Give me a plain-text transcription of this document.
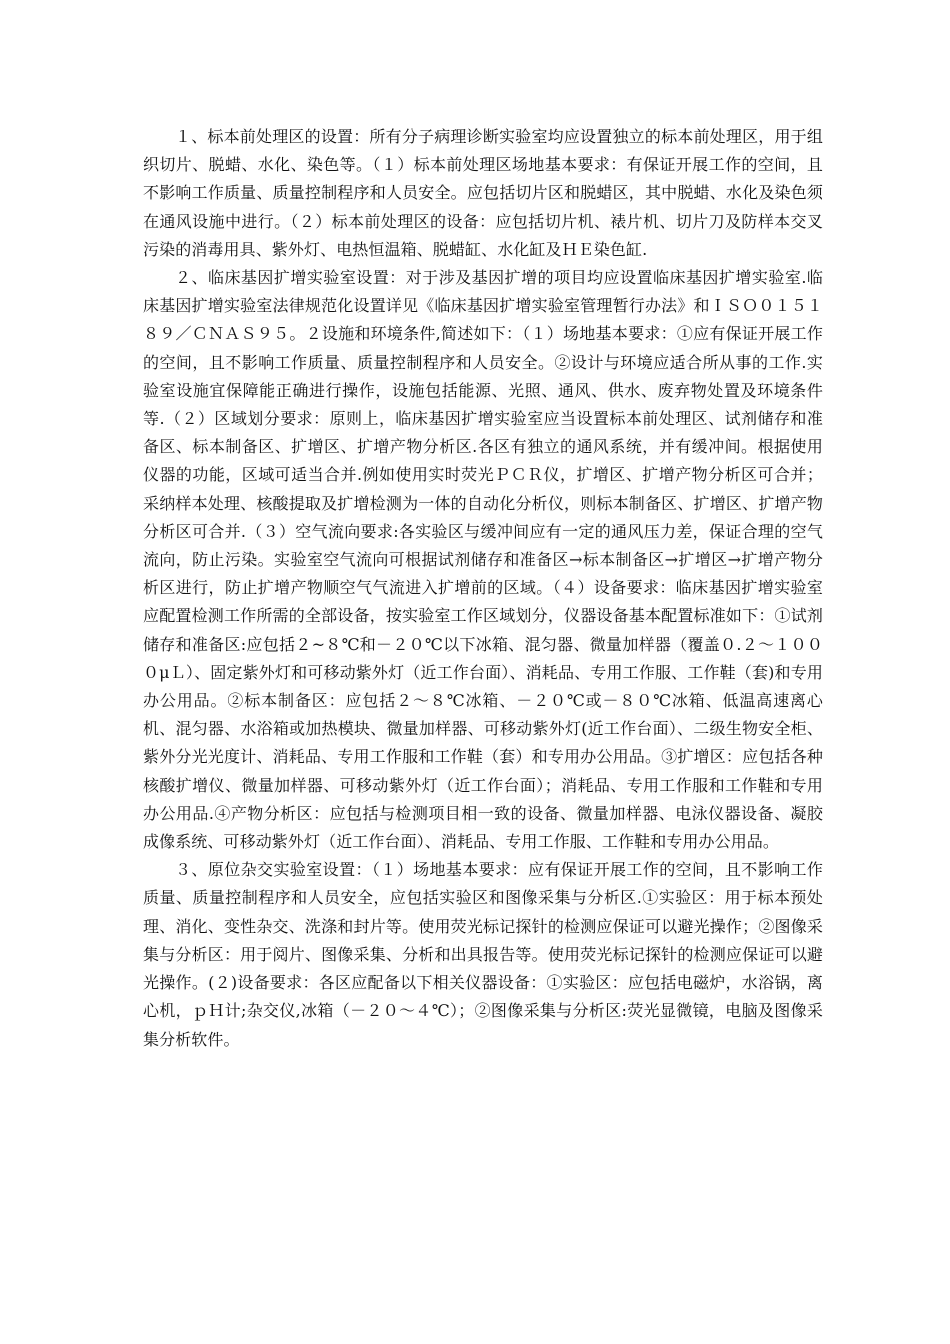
１、标本前处理区的设置：所有分子病理诊断实验室均应设置独立的标本前处理区，用于组织切片、脱蜡、水化、染色等。（１）标本前处理区场地基本要求：有保证开展工作的空间，且不影响工作质量、质量控制程序和人员安全。应包括切片区和脱蜡区，其中脱蜡、水化及染色须在通风设施中进行。（２）标本前处理区的设备：应包括切片机、裱片机、切片刀及防样本交叉污染的消毒用具、紫外灯、电热恒温箱、脱蜡缸、水化缸及ＨＥ染色缸.

２、临床基因扩增实验室设置：对于涉及基因扩增的项目均应设置临床基因扩增实验室.临床基因扩增实验室法律规范化设置详见《临床基因扩增实验室管理暂行办法》和ＩＳＯ０１５１８９／ＣＮＡＳ９５。２设施和环境条件,简述如下：（１）场地基本要求：①应有保证开展工作的空间，且不影响工作质量、质量控制程序和人员安全。②设计与环境应适合所从事的工作.实验室设施宜保障能正确进行操作，设施包括能源、光照、通风、供水、废弃物处置及环境条件等.（２）区域划分要求：原则上，临床基因扩增实验室应当设置标本前处理区、试剂储存和准备区、标本制备区、扩增区、扩增产物分析区.各区有独立的通风系统，并有缓冲间。根据使用仪器的功能，区域可适当合并.例如使用实时荧光ＰＣＲ仪，扩增区、扩增产物分析区可合并；采纳样本处理、核酸提取及扩增检测为一体的自动化分析仪，则标本制备区、扩增区、扩增产物分析区可合并.（３）空气流向要求:各实验区与缓冲间应有一定的通风压力差，保证合理的空气流向，防止污染。实验室空气流向可根据试剂储存和准备区→标本制备区→扩增区→扩增产物分析区进行，防止扩增产物顺空气气流进入扩增前的区域。（４）设备要求：临床基因扩增实验室应配置检测工作所需的全部设备，按实验室工作区域划分，仪器设备基本配置标准如下：①试剂储存和准备区:应包括２~８℃和－２０℃以下冰箱、混匀器、微量加样器（覆盖０.２～１０００μＬ）、固定紫外灯和可移动紫外灯（近工作台面）、消耗品、专用工作服、工作鞋（套)和专用办公用品。②标本制备区：应包括２～８℃冰箱、－２０℃或－８０℃冰箱、低温高速离心机、混匀器、水浴箱或加热模块、微量加样器、可移动紫外灯(近工作台面）、二级生物安全柜、紫外分光光度计、消耗品、专用工作服和工作鞋（套）和专用办公用品。③扩增区：应包括各种核酸扩增仪、微量加样器、可移动紫外灯（近工作台面）；消耗品、专用工作服和工作鞋和专用办公用品.④产物分析区：应包括与检测项目相一致的设备、微量加样器、电泳仪器设备、凝胶成像系统、可移动紫外灯（近工作台面）、消耗品、专用工作服、工作鞋和专用办公用品。

３、原位杂交实验室设置：（１）场地基本要求：应有保证开展工作的空间，且不影响工作质量、质量控制程序和人员安全，应包括实验区和图像采集与分析区.①实验区：用于标本预处理、消化、变性杂交、洗涤和封片等。使用荧光标记探针的检测应保证可以避光操作；②图像采集与分析区：用于阅片、图像采集、分析和出具报告等。使用荧光标记探针的检测应保证可以避光操作。(２)设备要求：各区应配备以下相关仪器设备：①实验区：应包括电磁炉，水浴锅，离心机，ｐＨ计;杂交仪,冰箱（－２０～４℃）；②图像采集与分析区:荧光显微镜，电脑及图像采集分析软件。
